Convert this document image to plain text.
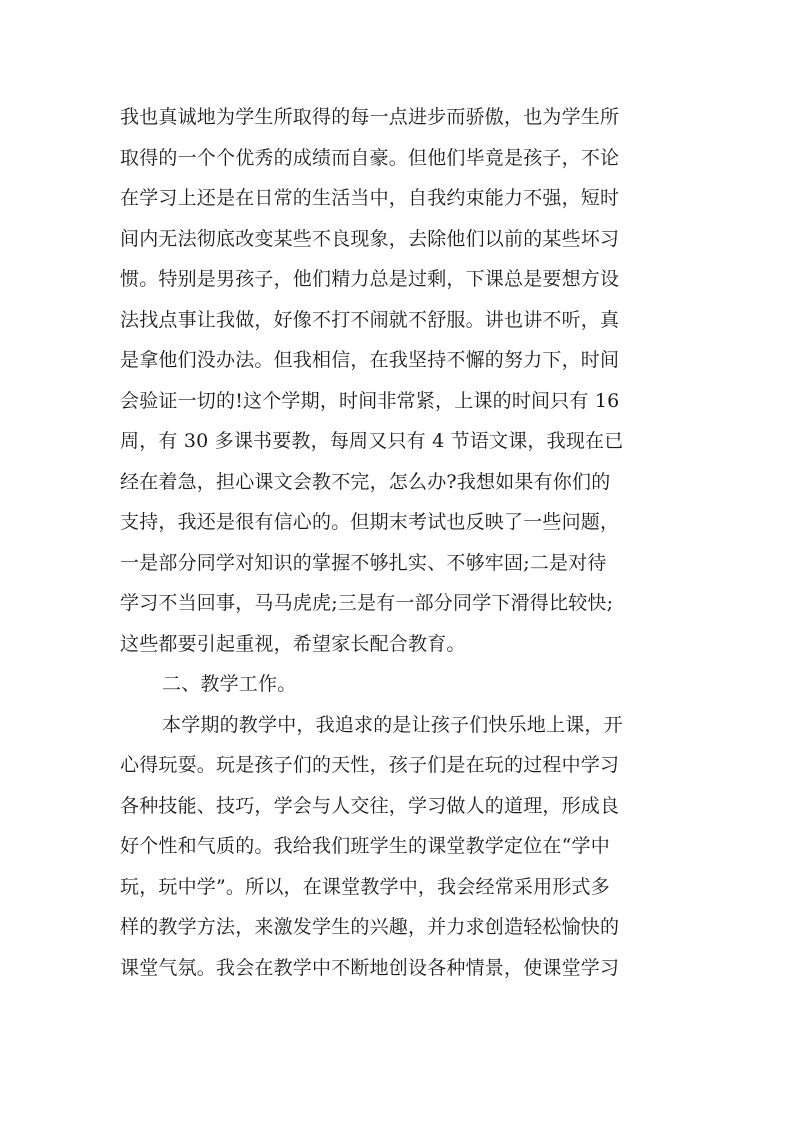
我也真诚地为学生所取得的每一点进步而骄傲，也为学生所
取得的一个个优秀的成绩而自豪。但他们毕竟是孩子，不论
在学习上还是在日常的生活当中，自我约束能力不强，短时
间内无法彻底改变某些不良现象，去除他们以前的某些坏习
惯。特别是男孩子，他们精力总是过剩，下课总是要想方设
法找点事让我做，好像不打不闹就不舒服。讲也讲不听，真
是拿他们没办法。但我相信，在我坚持不懈的努力下，时间
会验证一切的!这个学期，时间非常紧，上课的时间只有 16
周，有 30 多课书要教，每周又只有 4 节语文课，我现在已
经在着急，担心课文会教不完，怎么办?我想如果有你们的
支持，我还是很有信心的。但期末考试也反映了一些问题，
一是部分同学对知识的掌握不够扎实、不够牢固;二是对待
学习不当回事，马马虎虎;三是有一部分同学下滑得比较快;
这些都要引起重视，希望家长配合教育。
二、教学工作。
本学期的教学中，我追求的是让孩子们快乐地上课，开
心得玩耍。玩是孩子们的天性，孩子们是在玩的过程中学习
各种技能、技巧，学会与人交往，学习做人的道理，形成良
好个性和气质的。我给我们班学生的课堂教学定位在“学中
玩，玩中学”。所以，在课堂教学中，我会经常采用形式多
样的教学方法，来激发学生的兴趣，并力求创造轻松愉快的
课堂气氛。我会在教学中不断地创设各种情景，使课堂学习
